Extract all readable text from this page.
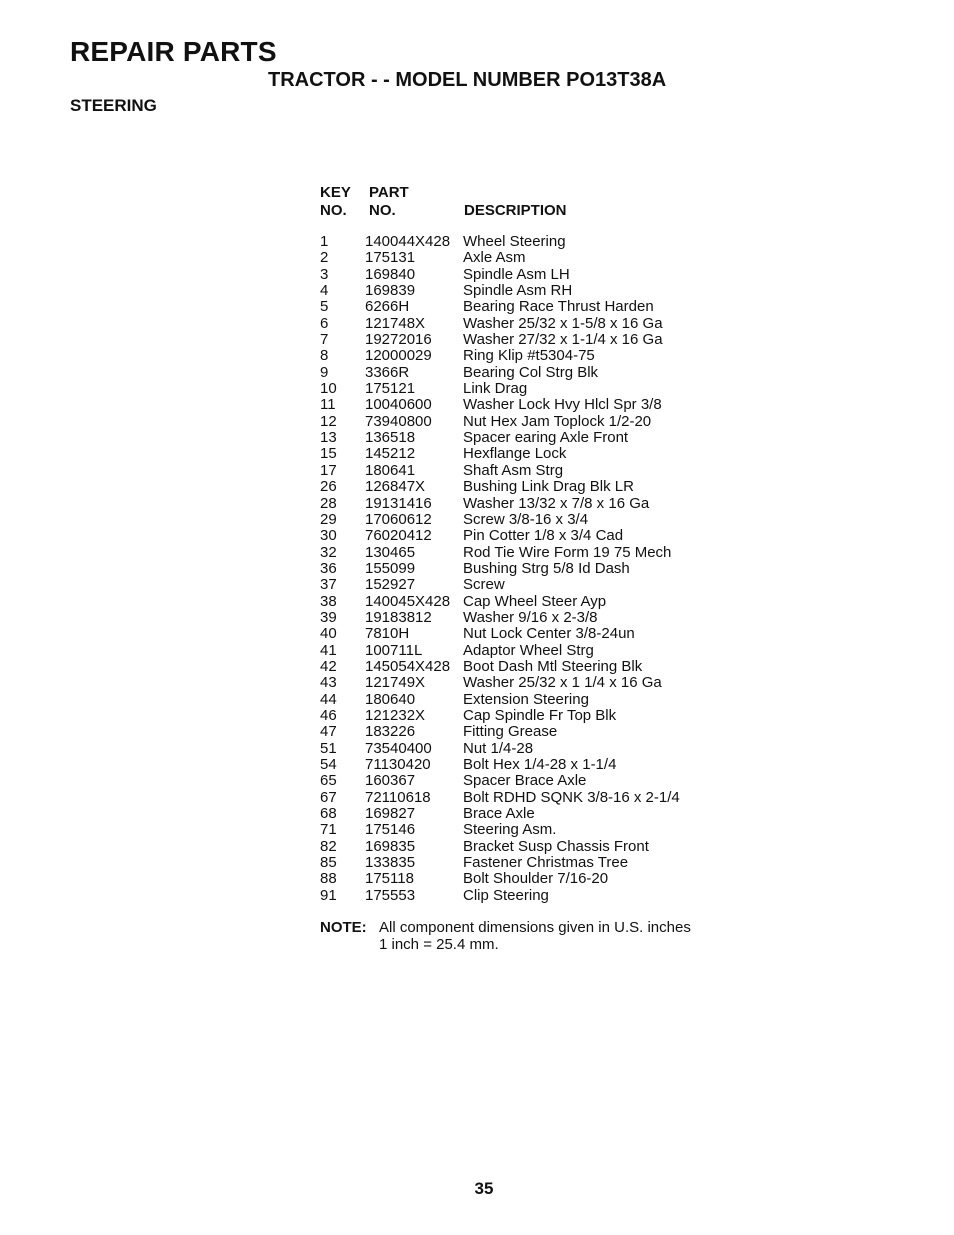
REPAIR PARTS
TRACTOR - - MODEL NUMBER PO13T38A
STEERING
KEY
NO.
PART
NO.	DESCRIPTION
1 140044X428 Wheel Steering
2 175131	Axle Asm
3 169840	Spindle Asm LH
4 169839	Spindle Asm RH
5 6266H	Bearing Race Thrust Harden
6 121748X	Washer 25/32 x 1-5/8 x 16 Ga
7 19272016 Washer 27/32 x 1-1/4 x 16 Ga
8 12000029 Ring Klip #t5304-75
9 3366R	Bearing Col Strg Blk
10 175121	Link Drag
11 10040600 Washer Lock Hvy Hlcl Spr 3/8
12 73940800 Nut Hex Jam Toplock 1/2-20
13 136518	Spacer earing Axle Front
15 145212	Hexflange Lock
17 180641	Shaft Asm Strg
26 126847X	Bushing Link Drag Blk LR
28 19131416 Washer 13/32 x 7/8 x 16 Ga
29 17060612 Screw 3/8-16 x 3/4
30 76020412 Pin Cotter 1/8 x 3/4 Cad
32 130465	Rod Tie Wire Form 19 75 Mech
36 155099	Bushing Strg 5/8 Id Dash
37 152927	Screw
38 140045X428 Cap Wheel Steer Ayp
39 19183812 Washer 9/16 x 2-3/8
40 7810H	Nut Lock Center 3/8-24un
41 100711L	Adaptor Wheel Strg
42 145054X428 Boot Dash Mtl Steering Blk
43 121749X	Washer 25/32 x 1 1/4 x 16 Ga
44 180640	Extension Steering
46 121232X	Cap Spindle Fr Top Blk
47 183226	Fitting Grease
51 73540400 Nut 1/4-28
54 71130420 Bolt Hex 1/4-28 x 1-1/4
65 160367	Spacer Brace Axle
67 72110618 Bolt RDHD SQNK 3/8-16 x 2-1/4
68 169827	Brace Axle
71 175146	Steering Asm.
82 169835	Bracket Susp Chassis Front
85 133835	Fastener Christmas Tree
88 175118	Bolt Shoulder 7/16-20
91 175553	Clip Steering
NOTE: All component dimensions given in U.S. inches
1 inch = 25.4 mm.
35
